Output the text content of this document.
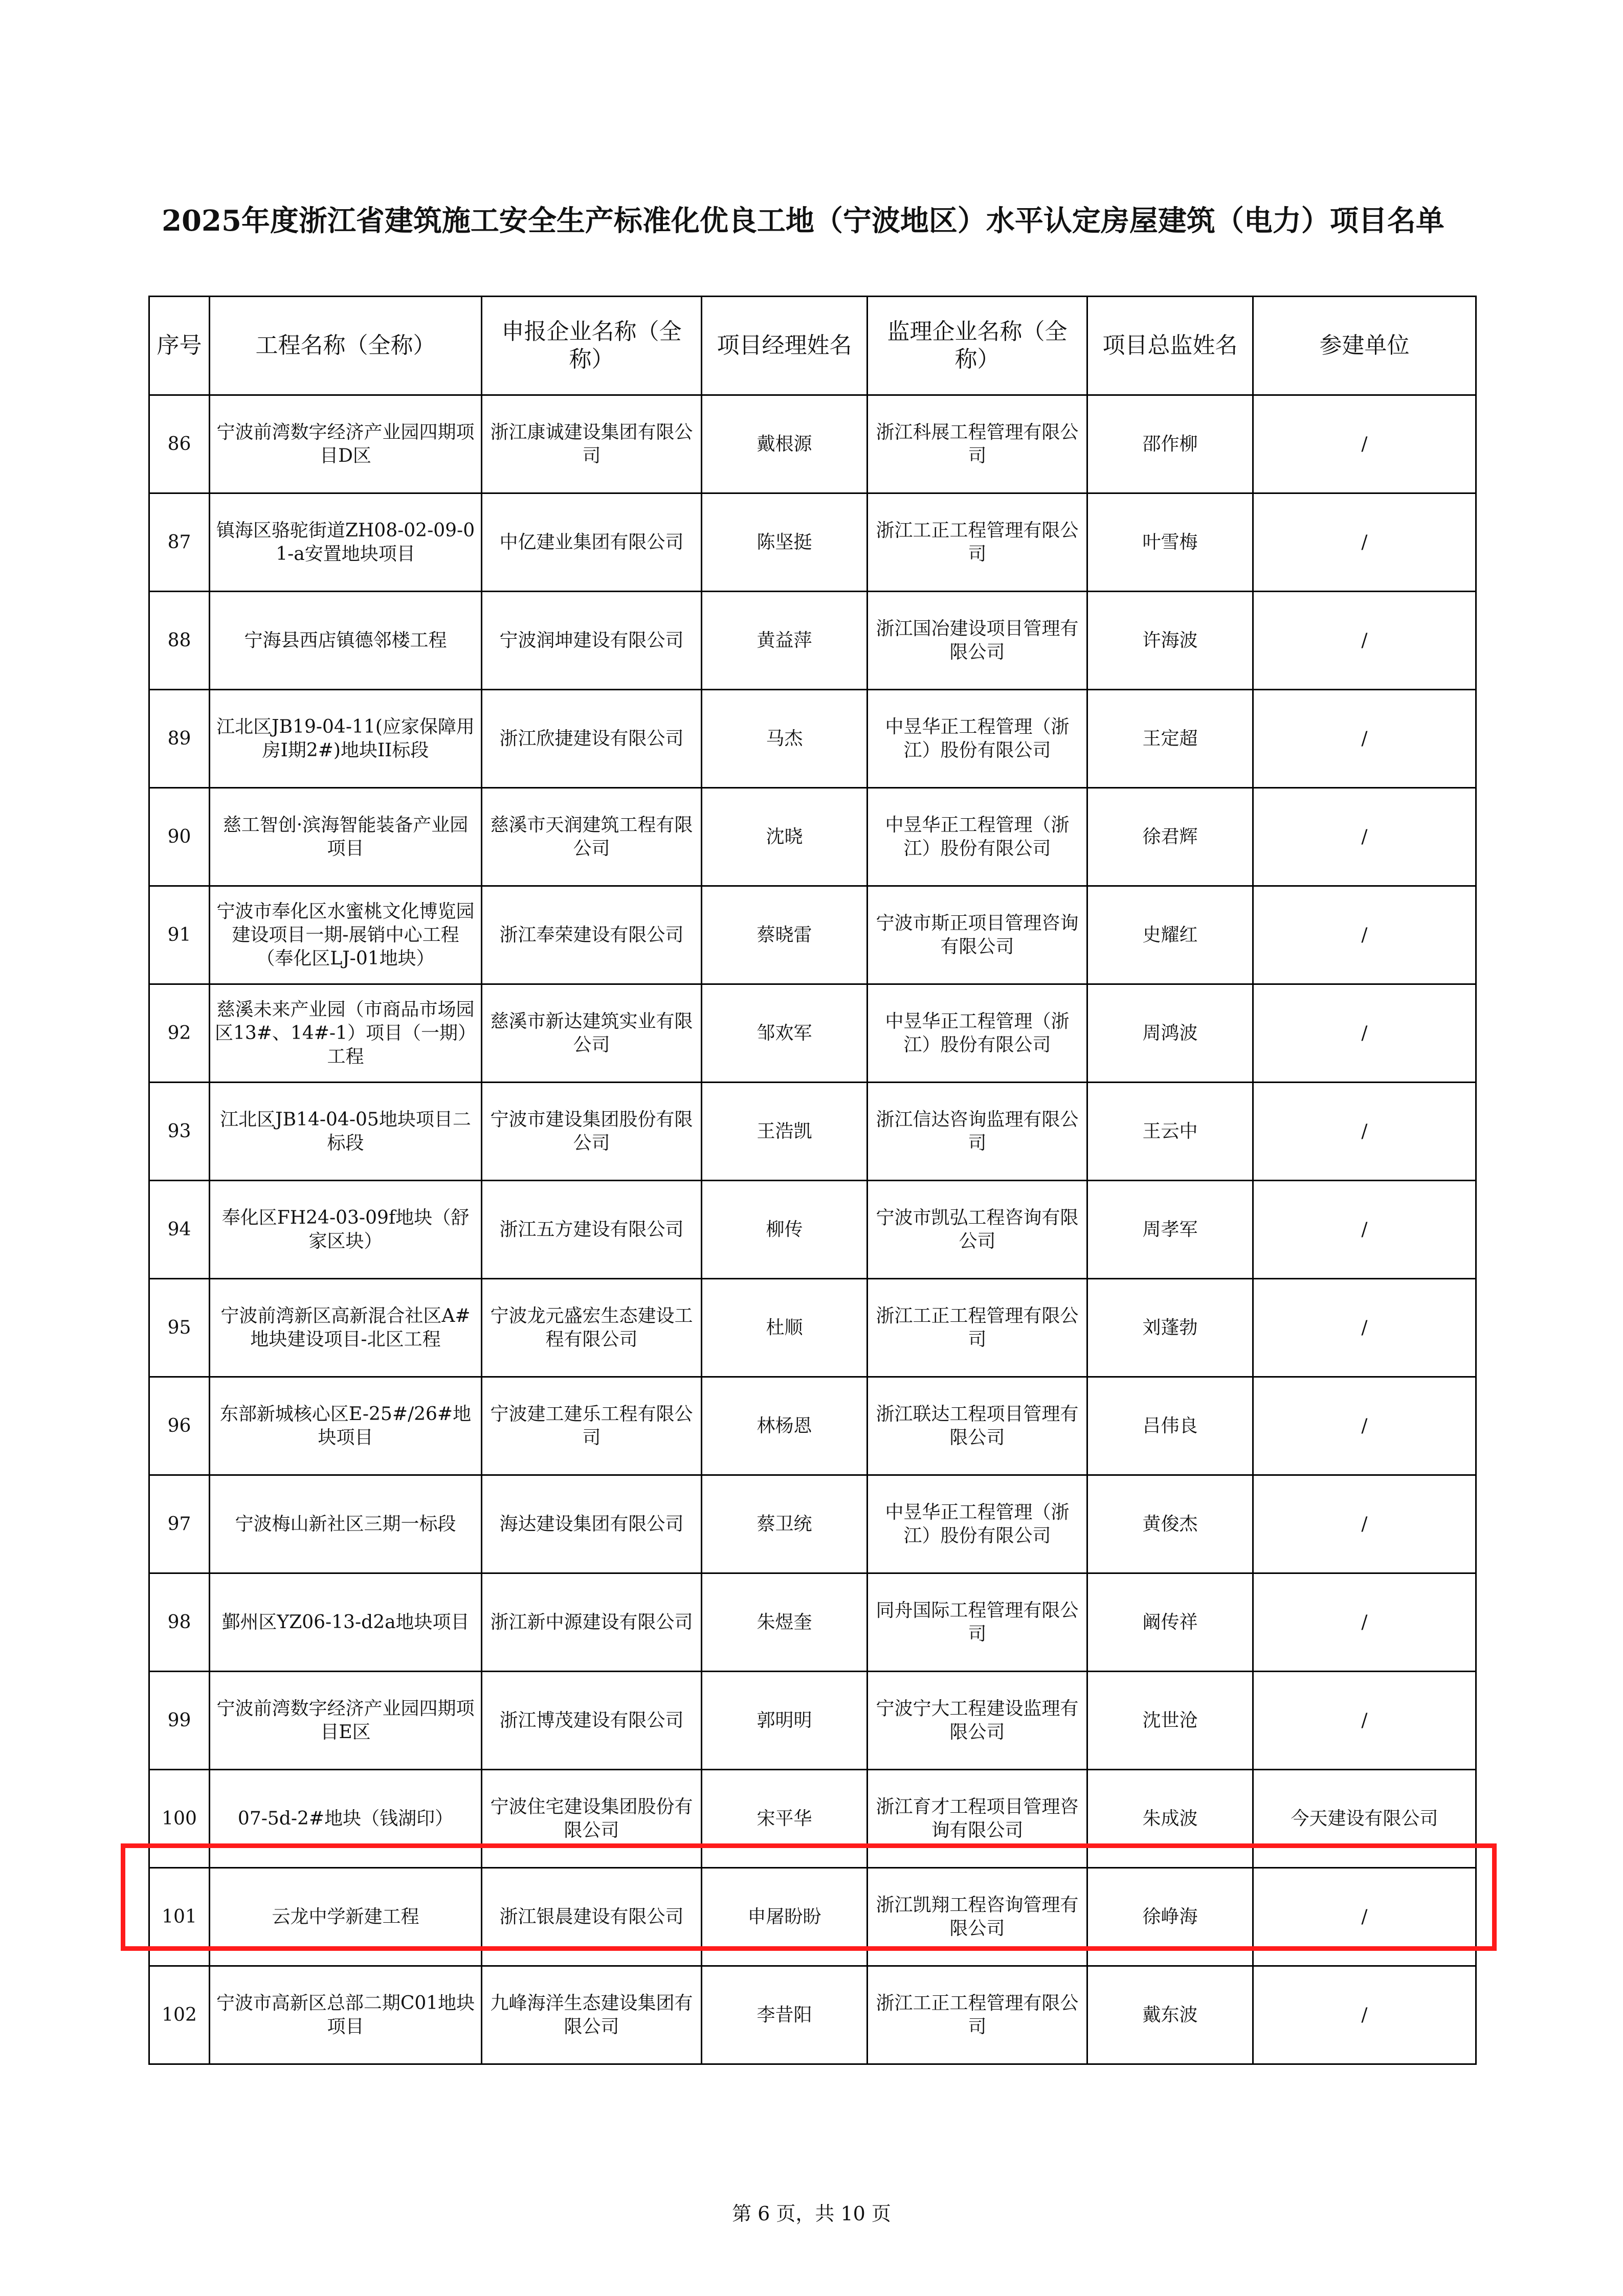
2025年度浙江省建筑施工安全生产标准化优良工地（宁波地区）水平认定房屋建筑（电力）项目名单
序号	工程名称（全称）	申报企业名称（全称）	项目经理姓名	监理企业名称（全称）	项目总监姓名	参建单位
86	宁波前湾数字经济产业园四期项目D区	浙江康诚建设集团有限公司	戴根源	浙江科展工程管理有限公司	邵作柳	/
87	镇海区骆驼街道ZH08-02-09-01-a安置地块项目	中亿建业集团有限公司	陈坚挺	浙江工正工程管理有限公司	叶雪梅	/
88	宁海县西店镇德邻楼工程	宁波润坤建设有限公司	黄益萍	浙江国冶建设项目管理有限公司	许海波	/
89	江北区JB19-04-11(应家保障用房I期2#)地块II标段	浙江欣捷建设有限公司	马杰	中昱华正工程管理（浙江）股份有限公司	王定超	/
90	慈工智创·滨海智能装备产业园项目	慈溪市天润建筑工程有限公司	沈晓	中昱华正工程管理（浙江）股份有限公司	徐君辉	/
91	宁波市奉化区水蜜桃文化博览园建设项目一期-展销中心工程（奉化区LJ-01地块）	浙江奉荣建设有限公司	蔡晓雷	宁波市斯正项目管理咨询有限公司	史耀红	/
92	慈溪未来产业园（市商品市场园区13#、14#-1）项目（一期）工程	慈溪市新达建筑实业有限公司	邹欢军	中昱华正工程管理（浙江）股份有限公司	周鸿波	/
93	江北区JB14-04-05地块项目二标段	宁波市建设集团股份有限公司	王浩凯	浙江信达咨询监理有限公司	王云中	/
94	奉化区FH24-03-09f地块（舒家区块）	浙江五方建设有限公司	柳传	宁波市凯弘工程咨询有限公司	周孝军	/
95	宁波前湾新区高新混合社区A#地块建设项目-北区工程	宁波龙元盛宏生态建设工程有限公司	杜顺	浙江工正工程管理有限公司	刘蓬勃	/
96	东部新城核心区E-25#/26#地块项目	宁波建工建乐工程有限公司	林杨恩	浙江联达工程项目管理有限公司	吕伟良	/
97	宁波梅山新社区三期一标段	海达建设集团有限公司	蔡卫统	中昱华正工程管理（浙江）股份有限公司	黄俊杰	/
98	鄞州区YZ06-13-d2a地块项目	浙江新中源建设有限公司	朱煜奎	同舟国际工程管理有限公司	阚传祥	/
99	宁波前湾数字经济产业园四期项目E区	浙江博茂建设有限公司	郭明明	宁波宁大工程建设监理有限公司	沈世沧	/
100	07-5d-2#地块（钱湖印）	宁波住宅建设集团股份有限公司	宋平华	浙江育才工程项目管理咨询有限公司	朱成波	今天建设有限公司
101	云龙中学新建工程	浙江银晨建设有限公司	申屠盼盼	浙江凯翔工程咨询管理有限公司	徐峥海	/
102	宁波市高新区总部二期C01地块项目	九峰海洋生态建设集团有限公司	李昔阳	浙江工正工程管理有限公司	戴东波	/
第 6 页，共 10 页
